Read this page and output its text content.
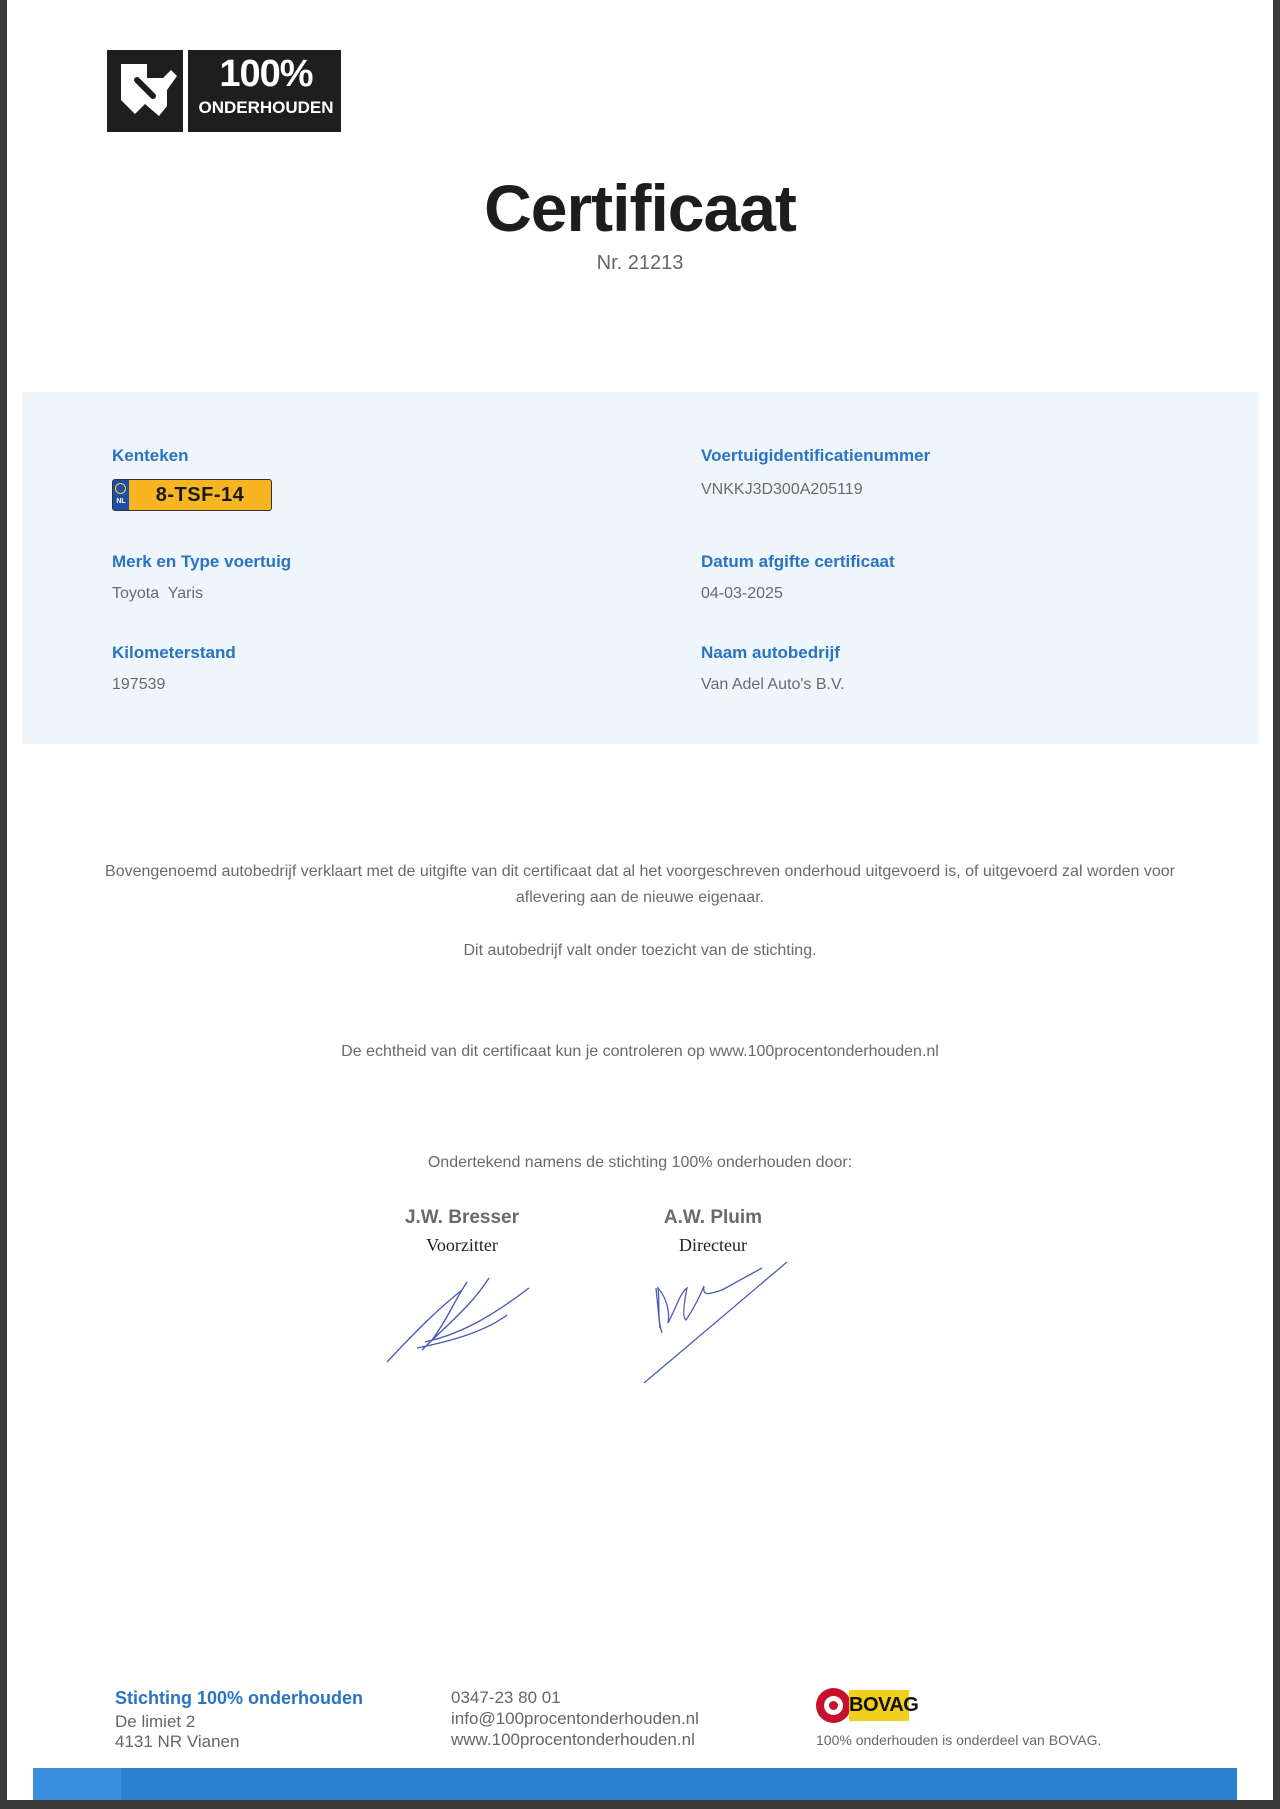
100%
ONDERHOUDEN
Certificaat
Nr. 21213
Kenteken
NL	8-TSF-14
Voertuigidentificatienummer
VNKKJ3D300A205119
Merk en Type voertuig
Toyota  Yaris
Datum afgifte certificaat
04-03-2025
Kilometerstand
197539
Naam autobedrijf
Van Adel Auto's B.V.
Bovengenoemd autobedrijf verklaart met de uitgifte van dit certificaat dat al het voorgeschreven onderhoud uitgevoerd is, of uitgevoerd zal worden voor
aflevering aan de nieuwe eigenaar.
Dit autobedrijf valt onder toezicht van de stichting.
De echtheid van dit certificaat kun je controleren op www.100procentonderhouden.nl
Ondertekend namens de stichting 100% onderhouden door:
J.W. Bresser
Voorzitter
A.W. Pluim
Directeur
Stichting 100% onderhouden
De limiet 2
4131 NR Vianen
0347-23 80 01
info@100procentonderhouden.nl
www.100procentonderhouden.nl
BOVAG
100% onderhouden is onderdeel van BOVAG.
